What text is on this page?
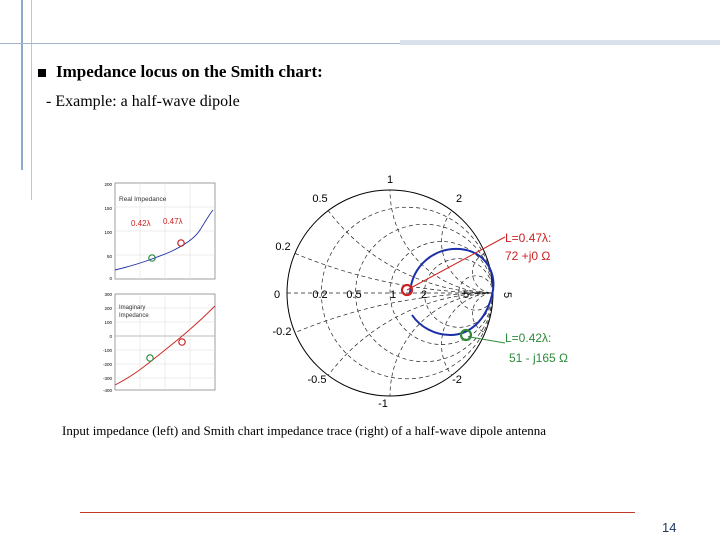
Impedance locus on the Smith chart:
- Example: a half-wave dipole
200
150
100
50
0
Real Impedance
0.42λ 0.47λ
300
200
100
0
-100
-200
-300
-400
Imaginary
Impedance
1
-1
0.5	2
0.2
0	0.2 0.5	1 2	5	5
-0.2
-0.5	-2
L=0.47λ:
72 +j0 Ω
L=0.42λ:
51 - j165 Ω
Input impedance (left) and Smith chart impedance trace (right) of a half-wave dipole antenna
14
